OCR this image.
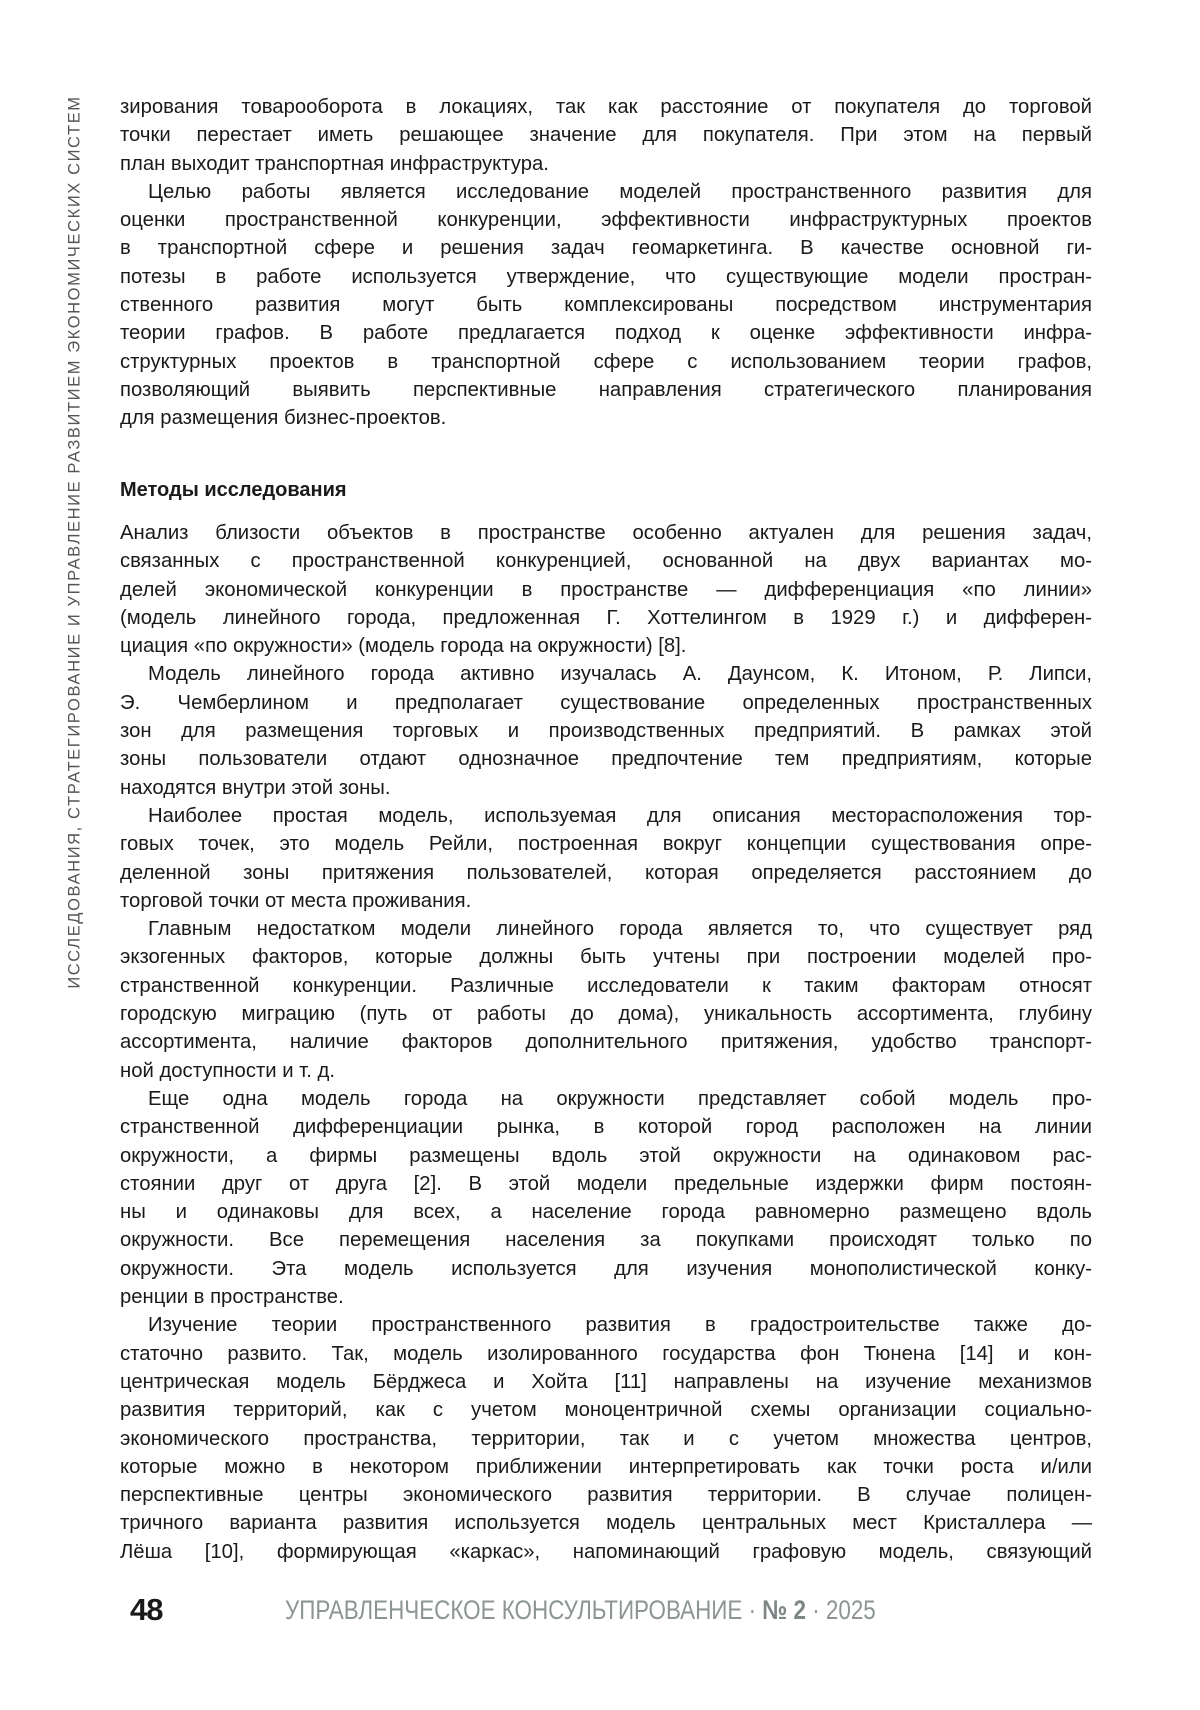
ИССЛЕДОВАНИЯ, СТРАТЕГИРОВАНИЕ И УПРАВЛЕНИЕ РАЗВИТИЕМ ЭКОНОМИЧЕСКИХ СИСТЕМ зирования товарооборота в локациях, так как расстояние от покупателя до торговой
точки перестает иметь решающее значение для покупателя. При этом на первый
план выходит транспортная инфраструктура.
Целью работы является исследование моделей пространственного развития для
оценки пространственной конкуренции, эффективности инфраструктурных проектов
в транспортной сфере и решения задач геомаркетинга. В качестве основной ги-
потезы в работе используется утверждение, что существующие модели простран-
ственного развития могут быть комплексированы посредством инструментария
теории графов. В работе предлагается подход к оценке эффективности инфра-
структурных проектов в транспортной сфере с использованием теории графов,
позволяющий выявить перспективные направления стратегического планирования
для размещения бизнес-проектов.
Методы исследования
Анализ близости объектов в пространстве особенно актуален для решения задач,
связанных с пространственной конкуренцией, основанной на двух вариантах мо-
делей экономической конкуренции в пространстве — дифференциация «по линии»
(модель линейного города, предложенная Г. Хоттелингом в 1929 г.) и дифферен-
циация «по окружности» (модель города на окружности) [8].
Модель линейного города активно изучалась А. Даунсом, К. Итоном, Р. Липси,
Э. Чемберлином и предполагает существование определенных пространственных
зон для размещения торговых и производственных предприятий. В рамках этой
зоны пользователи отдают однозначное предпочтение тем предприятиям, которые
находятся внутри этой зоны.
Наиболее простая модель, используемая для описания месторасположения тор-
говых точек, это модель Рейли, построенная вокруг концепции существования опре-
деленной зоны притяжения пользователей, которая определяется расстоянием до
торговой точки от места проживания.
Главным недостатком модели линейного города является то, что существует ряд
экзогенных факторов, которые должны быть учтены при построении моделей про-
странственной конкуренции. Различные исследователи к таким факторам относят
городскую миграцию (путь от работы до дома), уникальность ассортимента, глубину
ассортимента, наличие факторов дополнительного притяжения, удобство транспорт-
ной доступности и т. д.
Еще одна модель города на окружности представляет собой модель про-
странственной дифференциации рынка, в которой город расположен на линии
окружности, а фирмы размещены вдоль этой окружности на одинаковом рас-
стоянии друг от друга [2]. В этой модели предельные издержки фирм постоян-
ны и одинаковы для всех, а население города равномерно размещено вдоль
окружности. Все перемещения населения за покупками происходят только по
окружности. Эта модель используется для изучения монополистической конку-
ренции в пространстве.
Изучение теории пространственного развития в градостроительстве также до-
статочно развито. Так, модель изолированного государства фон Тюнена [14] и кон-
центрическая модель Бёрджеса и Хойта [11] направлены на изучение механизмов
развития территорий, как с учетом моноцентричной схемы организации социально-
экономического пространства, территории, так и с учетом множества центров,
которые можно в некотором приближении интерпретировать как точки роста и/или
перспективные центры экономического развития территории. В случае полицен-
тричного варианта развития используется модель центральных мест Кристаллера —
Лёша [10], формирующая «каркас», напоминающий графовую модель, связующий
48	УПРАВЛЕНЧЕСКОЕ КОНСУЛЬТИРОВАНИЕ · № 2 · 2025
